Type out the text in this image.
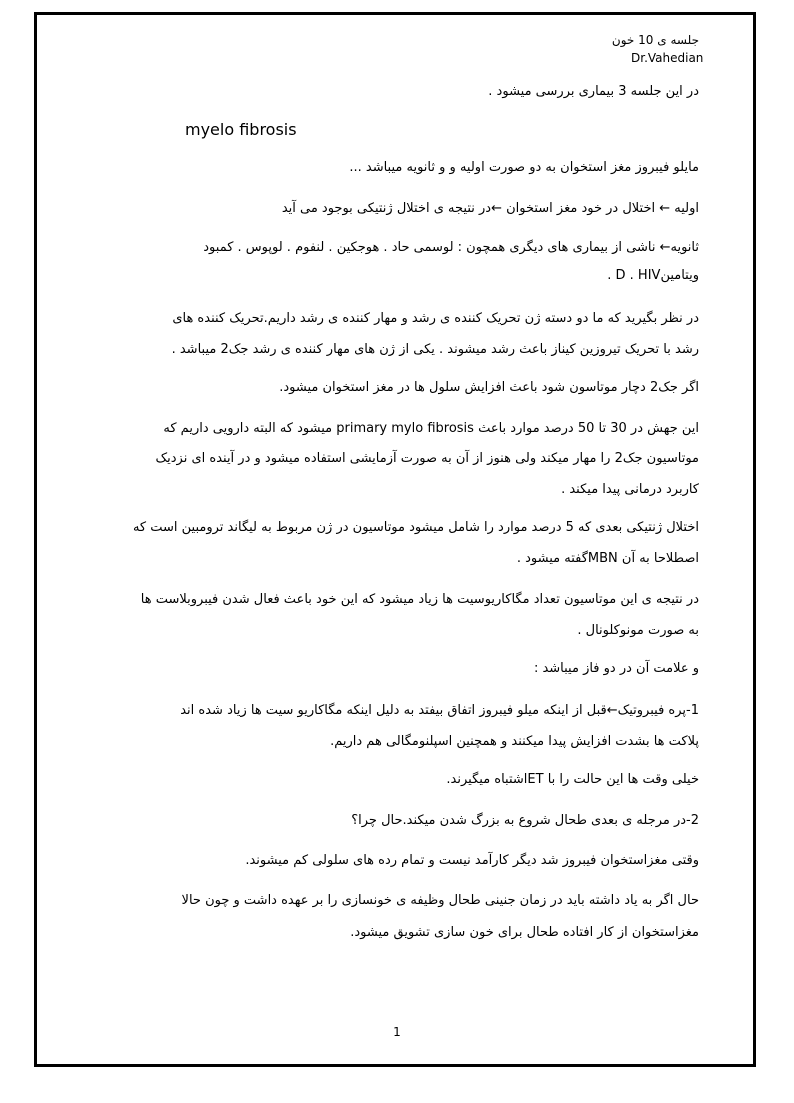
جلسه ی 10 خون
Dr.Vahedian
در این جلسه 3 بیماری بررسی میشود .
myelo fibrosis
مایلو فیبروز مغز استخوان به دو صورت اولیه و و ثانویه میباشد ...
اولیه ← اختلال در خود مغز استخوان ←در نتیجه ی اختلال ژنتیکی بوجود می آید
ثانویه← ناشی از بیماری های دیگری همچون : لوسمی حاد . هوجکین . لنفوم . لوپوس . کمبود
ویتامینD . HIV .
در نظر بگیرید که ما دو دسته ژن تحریک کننده ی رشد و مهار کننده ی رشد داریم.تحریک کننده های
رشد با تحریک تیروزین کیناز باعث رشد میشوند . یکی از ژن های مهار کننده ی رشد جک2 میباشد .
اگر جک2 دچار موتاسون شود باعث افزایش سلول ها در مغز استخوان میشود.
این جهش در 30 تا 50 درصد موارد باعث primary mylo fibrosis میشود که البته دارویی داریم که
موتاسیون جک2 را مهار میکند ولی هنوز از آن به صورت آزمایشی استفاده میشود و در آینده ای نزدیک
کاربرد درمانی پیدا میکند .
اختلال ژنتیکی بعدی که 5 درصد موارد را شامل میشود موتاسیون در ژن مربوط به لیگاند ترومبین است که
اصطلاحا به آن MBNگفته میشود .
در نتیجه ی این موتاسیون تعداد مگاکاریوسیت ها زیاد میشود که این خود باعث فعال شدن فیبروبلاست ها
به صورت مونوکلونال .
و علامت آن در دو فاز میباشد :
1-پره فیبروتیک←قبل از اینکه میلو فیبروز اتفاق بیفتد به دلیل اینکه مگاکاریو سیت ها زیاد شده اند
پلاکت ها بشدت افزایش پیدا میکنند و همچنین اسپلنومگالی هم داریم.
خیلی وقت ها این حالت را با ETاشتباه میگیرند.
2-در مرجله ی بعدی طحال شروع به بزرگ شدن میکند.حال چرا؟
وقتی مغزاستخوان فیبروز شد دیگر کارآمد نیست و تمام رده های سلولی کم میشوند.
حال اگر به یاد داشته باید در زمان جنینی طحال وظیفه ی خونسازی را بر عهده داشت و چون حالا
مغزاستخوان از کار افتاده طحال برای خون سازی تشویق میشود.
1
